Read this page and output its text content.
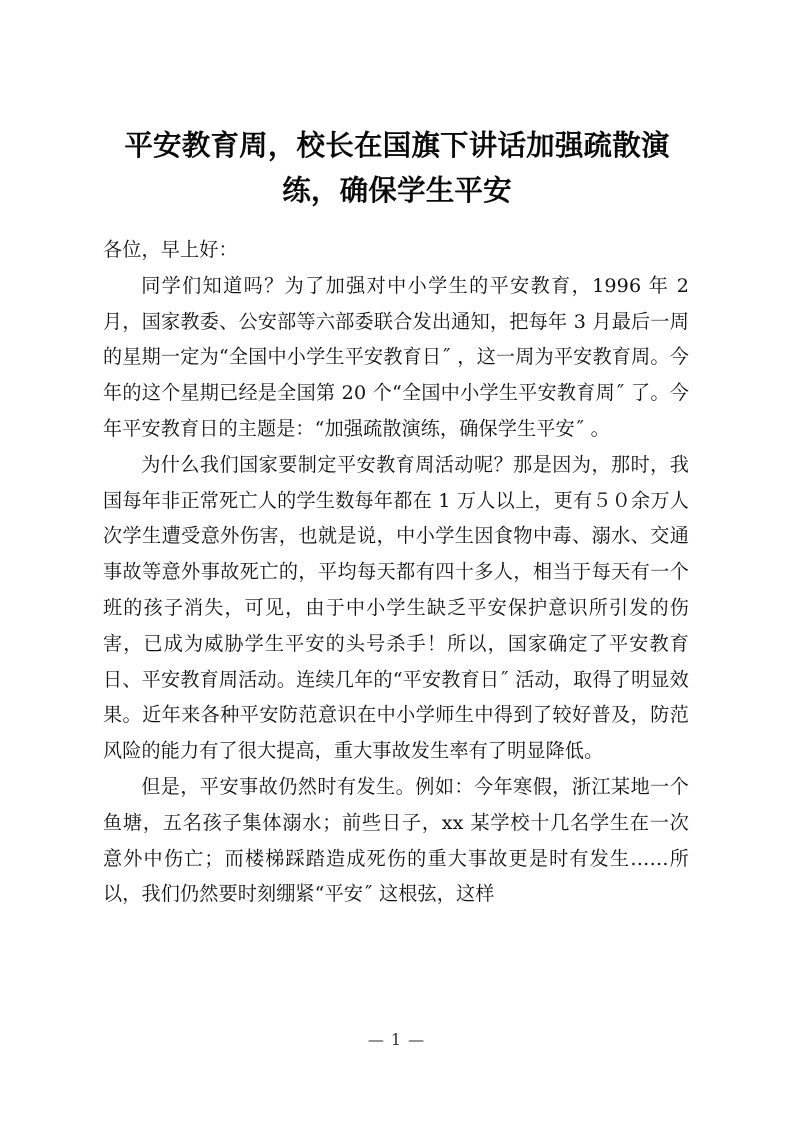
平安教育周，校长在国旗下讲话加强疏散演练，确保学生平安

各位，早上好：

同学们知道吗？为了加强对中小学生的平安教育，1996 年 2 月，国家教委、公安部等六部委联合发出通知，把每年 3 月最后一周的星期一定为“全国中小学生平安教育日˝ ，这一周为平安教育周。今年的这个星期已经是全国第 20 个“全国中小学生平安教育周˝ 了。今年平安教育日的主题是：“加强疏散演练，确保学生平安˝ 。

为什么我们国家要制定平安教育周活动呢？那是因为，那时，我国每年非正常死亡人的学生数每年都在 1 万人以上，更有５０余万人次学生遭受意外伤害，也就是说，中小学生因食物中毒、溺水、交通事故等意外事故死亡的，平均每天都有四十多人，相当于每天有一个班的孩子消失，可见，由于中小学生缺乏平安保护意识所引发的伤害，已成为威胁学生平安的头号杀手！所以，国家确定了平安教育日、平安教育周活动。连续几年的“平安教育日˝ 活动，取得了明显效果。近年来各种平安防范意识在中小学师生中得到了较好普及，防范风险的能力有了很大提高，重大事故发生率有了明显降低。

但是，平安事故仍然时有发生。例如：今年寒假，浙江某地一个鱼塘，五名孩子集体溺水；前些日子，xx 某学校十几名学生在一次意外中伤亡；而楼梯踩踏造成死伤的重大事故更是时有发生……所以，我们仍然要时刻绷紧“平安˝ 这根弦，这样

— 1 —
